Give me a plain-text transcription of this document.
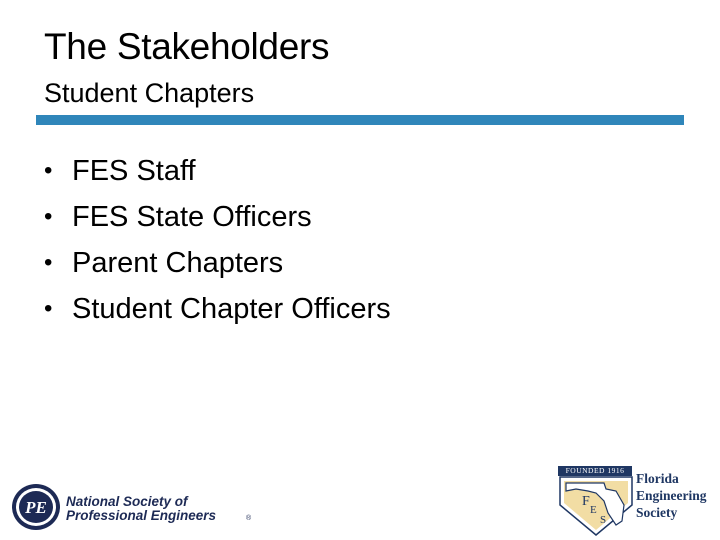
The Stakeholders
Student Chapters
• FES Staff
• FES State Officers
• Parent Chapters
• Student Chapter Officers
PE National Society of
Professional Engineers	®
FOUNDED 1916
F
E
S
Florida
Engineering
Society
